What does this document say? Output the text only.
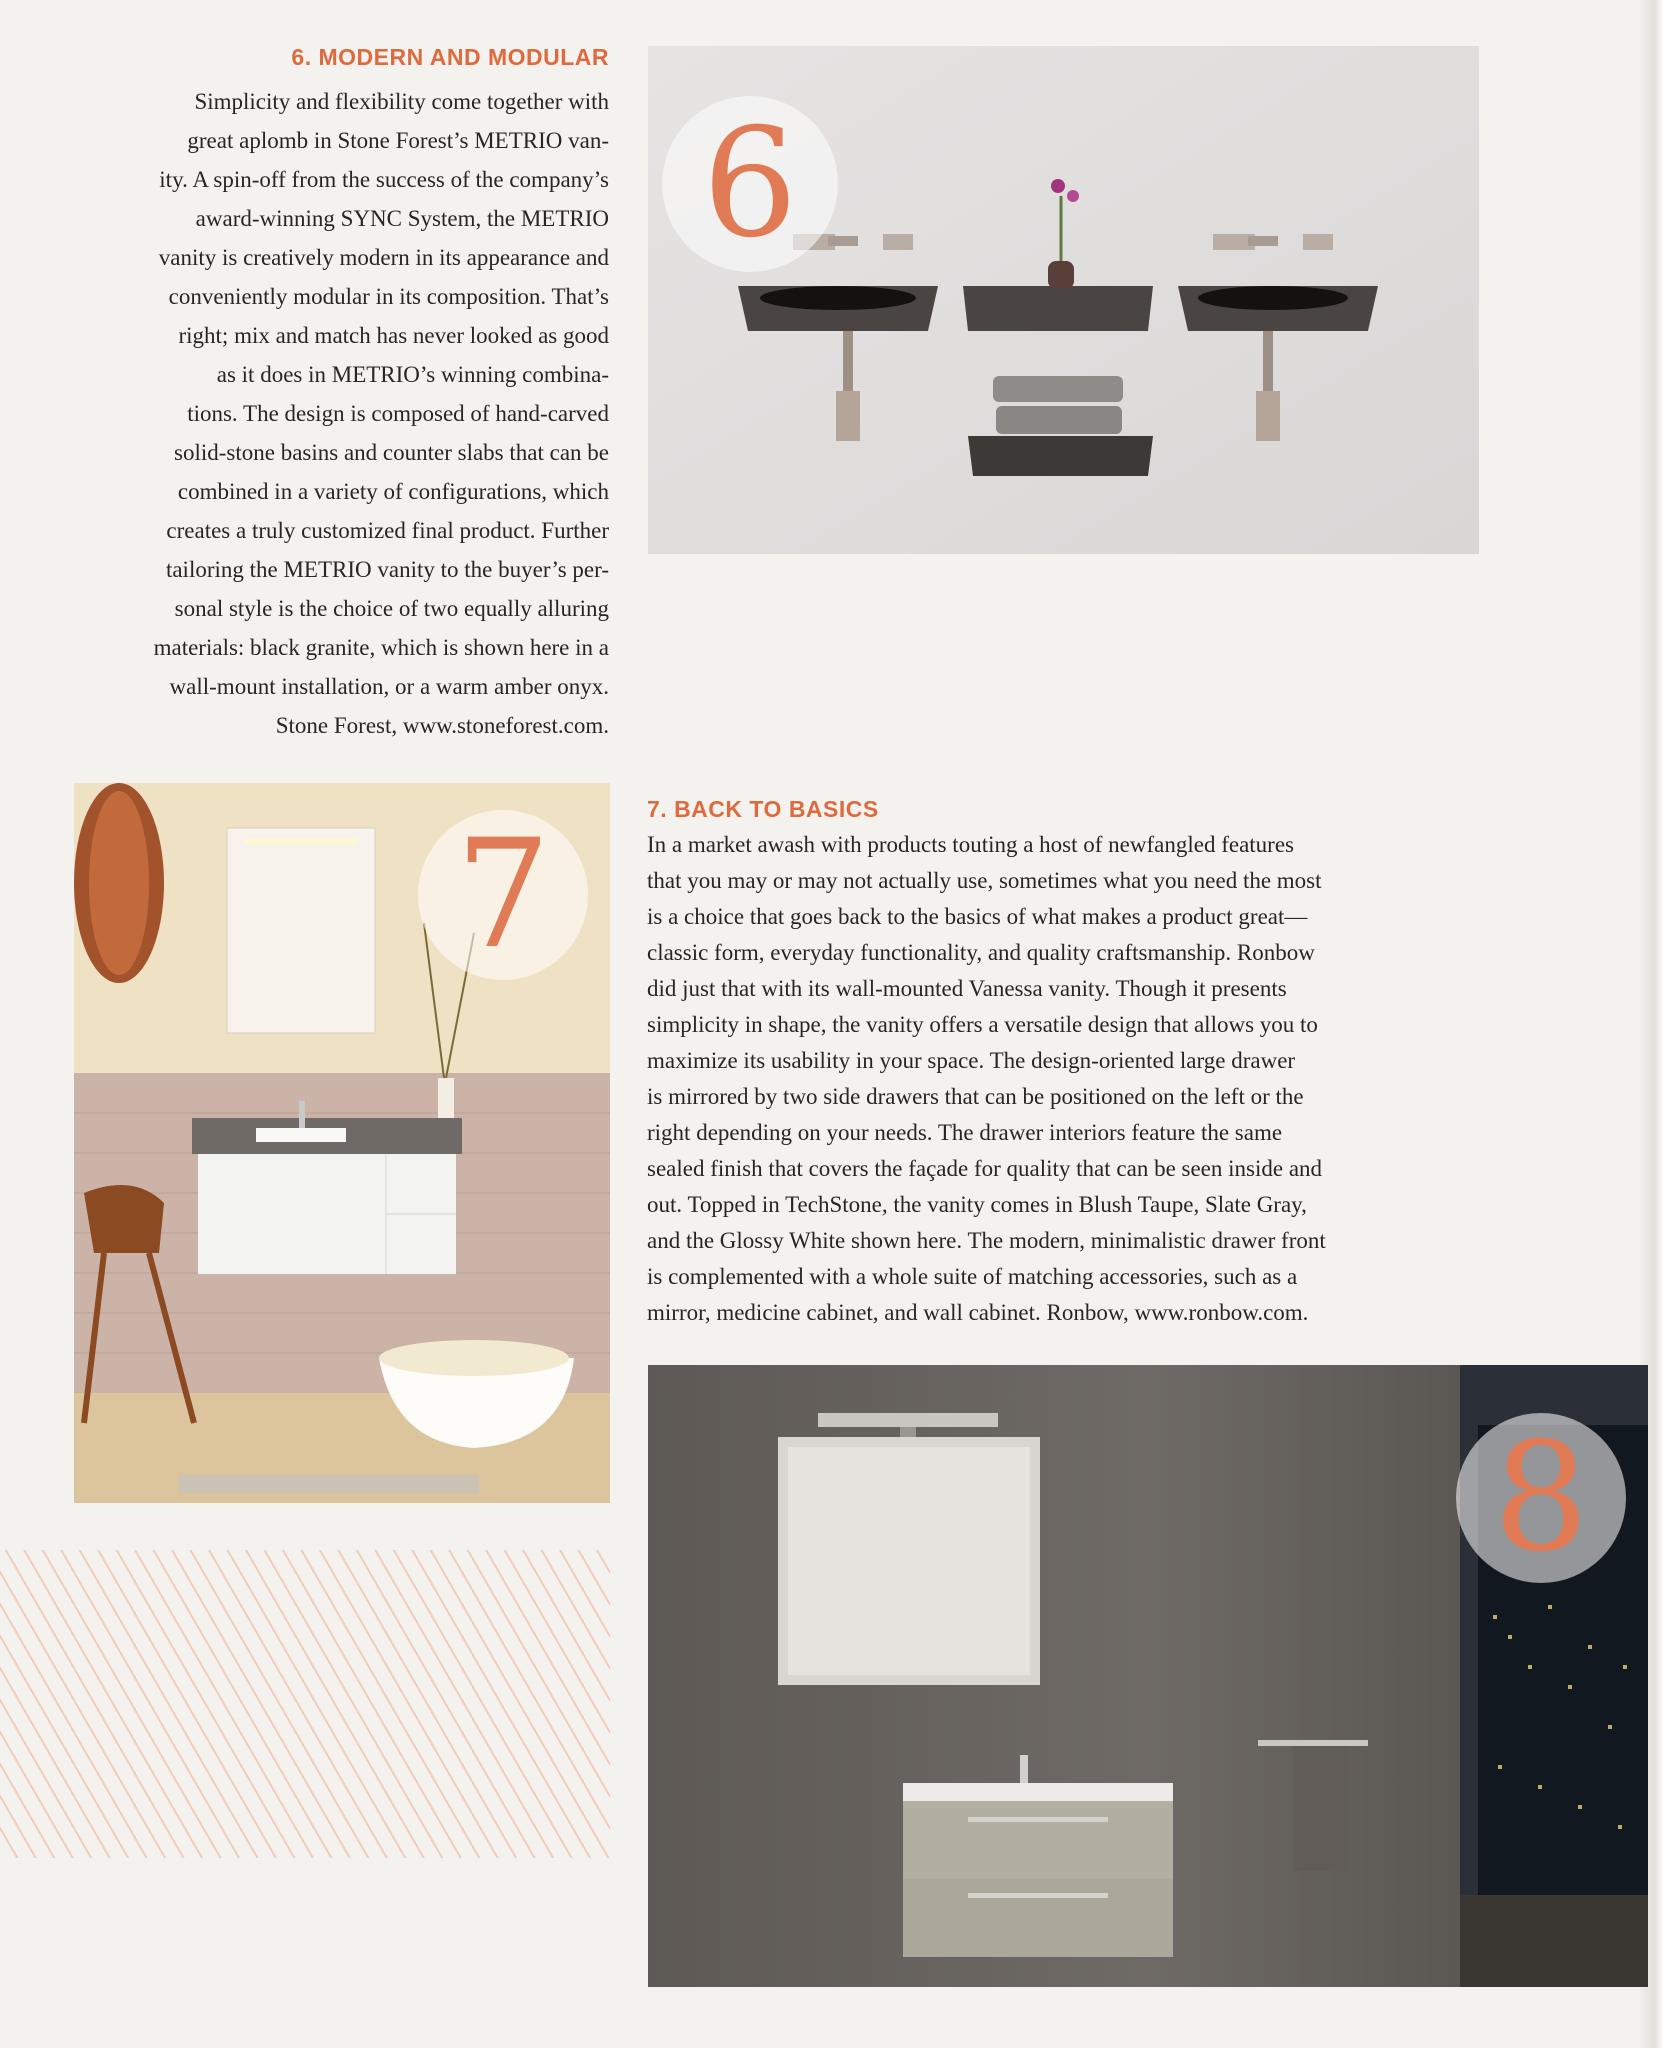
6. MODERN AND MODULAR
Simplicity and flexibility come together with
great aplomb in Stone Forest’s METRIO van-
ity. A spin-off from the success of the company’s
award-winning SYNC System, the METRIO
vanity is creatively modern in its appearance and
conveniently modular in its composition. That’s
right; mix and match has never looked as good
as it does in METRIO’s winning combina-
tions. The design is composed of hand-carved
solid-stone basins and counter slabs that can be
combined in a variety of configurations, which
creates a truly customized final product. Further
tailoring the METRIO vanity to the buyer’s per-
sonal style is the choice of two equally alluring
materials: black granite, which is shown here in a
wall-mount installation, or a warm amber onyx.
Stone Forest, www.stoneforest.com.
6
7	7. BACK TO BASICS
In a market awash with products touting a host of newfangled features
that you may or may not actually use, sometimes what you need the most
is a choice that goes back to the basics of what makes a product great—
classic form, everyday functionality, and quality craftsmanship. Ronbow
did just that with its wall-mounted Vanessa vanity. Though it presents
simplicity in shape, the vanity offers a versatile design that allows you to
maximize its usability in your space. The design-oriented large drawer
is mirrored by two side drawers that can be positioned on the left or the
right depending on your needs. The drawer interiors feature the same
sealed finish that covers the façade for quality that can be seen inside and
out. Topped in TechStone, the vanity comes in Blush Taupe, Slate Gray,
and the Glossy White shown here. The modern, minimalistic drawer front
is complemented with a whole suite of matching accessories, such as a
mirror, medicine cabinet, and wall cabinet. Ronbow, www.ronbow.com.
8
